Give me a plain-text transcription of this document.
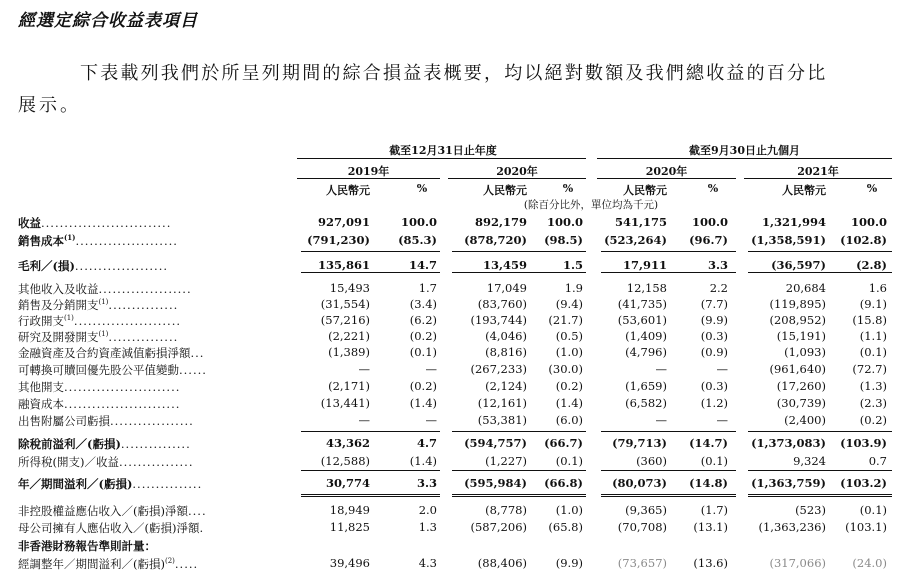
經選定綜合收益表項目
下表載列我們於所呈列期間的綜合損益表概要，均以絕對數額及我們總收益的百分比
展示。
截至12月31日止年度	截至9月30日止九個月
2019年	2020年	2020年	2021年
人民幣元	%	人民幣元	%	人民幣元	%	人民幣元	%
(除百分比外，單位均為千元)
收益............................	927,091	100.0	892,179	100.0	541,175	100.0	1,321,994	100.0
銷售成本$^{(1)}$......................	(791,230)	(85.3)	(878,720)	(98.5)	(523,264)	(96.7)	(1,358,591)	(102.8)
毛利／(損)....................	135,861	14.7	13,459	1.5	17,911	3.3	(36,597)	(2.8)
其他收入及收益....................	15,493	1.7	17,049	1.9	12,158	2.2	20,684	1.6
銷售及分銷開支$^{(1)}$...............	(31,554)	(3.4)	(83,760)	(9.4)	(41,735)	(7.7)	(119,895)	(9.1)
行政開支$^{(1)}$.......................	(57,216)	(6.2)	(193,744)	(21.7)	(53,601)	(9.9)	(208,952)	(15.8)
研究及開發開支$^{(1)}$...............	(2,221)	(0.2)	(4,046)	(0.5)	(1,409)	(0.3)	(15,191)	(1.1)
金融資產及合約資產減值虧損淨額...	(1,389)	(0.1)	(8,816)	(1.0)	(4,796)	(0.9)	(1,093)	(0.1)
可轉換可贖回優先股公平值變動......	—	—	(267,233)	(30.0)	—	—	(961,640)	(72.7)
其他開支.........................	(2,171)	(0.2)	(2,124)	(0.2)	(1,659)	(0.3)	(17,260)	(1.3)
融資成本.........................	(13,441)	(1.4)	(12,161)	(1.4)	(6,582)	(1.2)	(30,739)	(2.3)
出售附屬公司虧損..................	—	—	(53,381)	(6.0)	—	—	(2,400)	(0.2)
除稅前溢利／(虧損)...............	43,362	4.7	(594,757)	(66.7)	(79,713)	(14.7)	(1,373,083)	(103.9)
所得稅(開支)／收益................	(12,588)	(1.4)	(1,227)	(0.1)	(360)	(0.1)	9,324	0.7
年／期間溢利／(虧損)...............	30,774	3.3	(595,984)	(66.8)	(80,073)	(14.8)	(1,363,759)	(103.2)
非控股權益應佔收入／(虧損)淨額....	18,949	2.0	(8,778)	(1.0)	(9,365)	(1.7)	(523)	(0.1)
母公司擁有人應佔收入／(虧損)淨額.	11,825	1.3	(587,206)	(65.8)	(70,708)	(13.1)	(1,363,236)	(103.1)
非香港財務報告準則計量：
經調整年／期間溢利／(虧損)$^{(2)}$.....	39,496	4.3	(88,406)	(9.9)	(73,657)	(13.6)	(317,066)	(24.0)
